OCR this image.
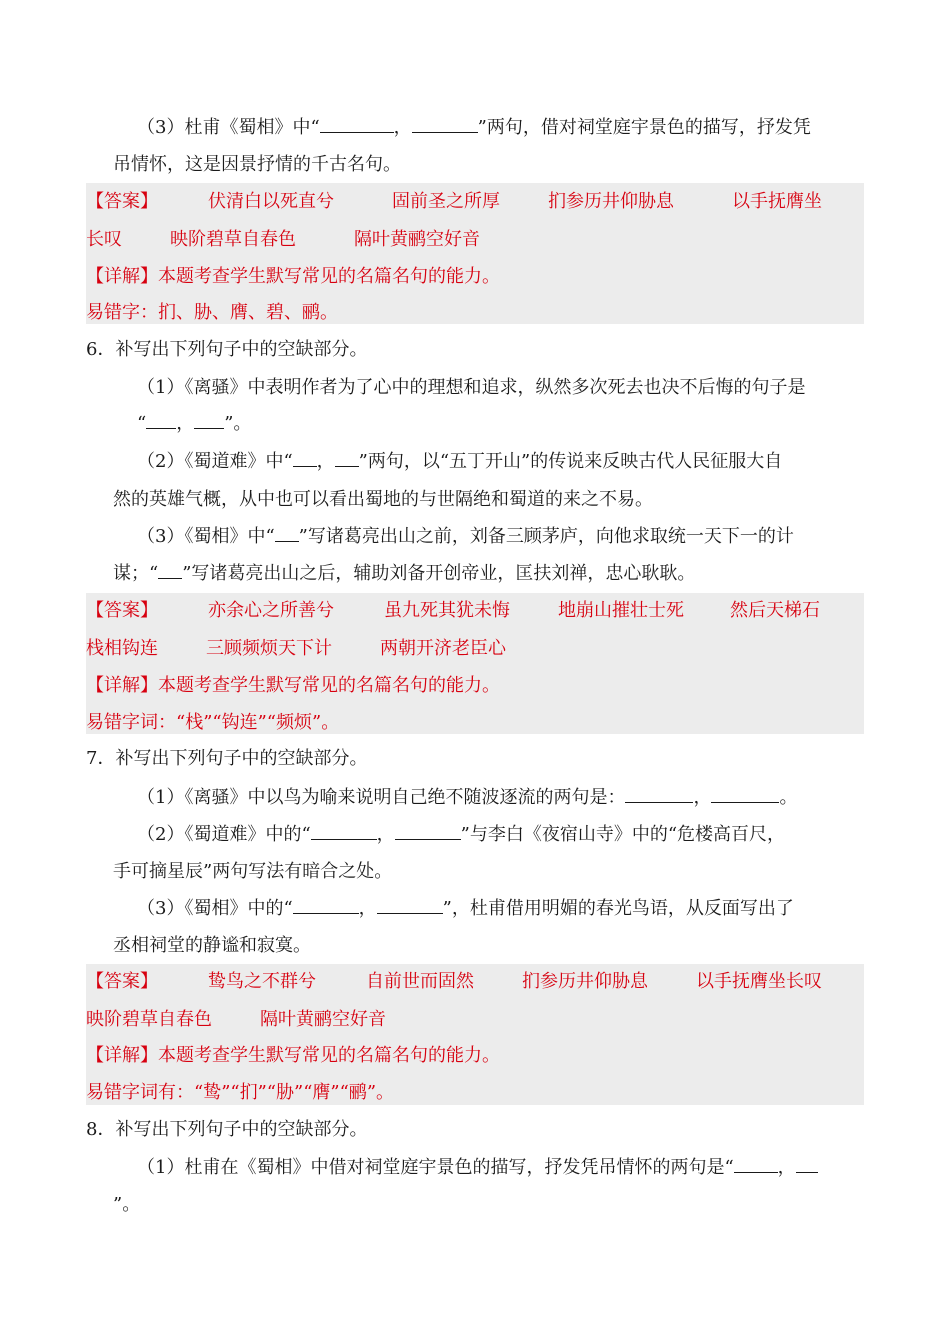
（3）杜甫《蜀相》中“	，	”两句，借对祠堂庭宇景色的描写，抒发凭
吊情怀，这是因景抒情的千古名句。
【答案】	伏清白以死直兮	固前圣之所厚	扪参历井仰胁息	以手抚膺坐
长叹	映阶碧草自春色	隔叶黄鹂空好音
【详解】本题考查学生默写常见的名篇名句的能力。
易错字：扪、胁、膺、碧、鹂。
6．补写出下列句子中的空缺部分。
（1）《离骚》中表明作者为了心中的理想和追求，纵然多次死去也决不后悔的句子是
“ ， ”。
（2）《蜀道难》中“ ， ”两句，以“五丁开山”的传说来反映古代人民征服大自
然的英雄气概，从中也可以看出蜀地的与世隔绝和蜀道的来之不易。
（3）《蜀相》中“ ”写诸葛亮出山之前，刘备三顾茅庐，向他求取统一天下一的计
谋；“ ”写诸葛亮出山之后，辅助刘备开创帝业，匡扶刘禅，忠心耿耿。
【答案】	亦余心之所善兮	虽九死其犹未悔	地崩山摧壮士死	然后天梯石
栈相钩连	三顾频烦天下计	两朝开济老臣心
【详解】本题考查学生默写常见的名篇名句的能力。
易错字词：“栈”“钩连”“频烦”。
7．补写出下列句子中的空缺部分。
（1）《离骚》中以鸟为喻来说明自己绝不随波逐流的两句是：	，	。
（2）《蜀道难》中的“	，	”与李白《夜宿山寺》中的“危楼高百尺，
手可摘星辰”两句写法有暗合之处。
（3）《蜀相》中的“	，	”，杜甫借用明媚的春光鸟语，从反面写出了
丞相祠堂的静谧和寂寞。
【答案】	鸷鸟之不群兮	自前世而固然	扪参历井仰胁息	以手抚膺坐长叹
映阶碧草自春色	隔叶黄鹂空好音
【详解】本题考查学生默写常见的名篇名句的能力。
易错字词有：“鸷”“扪”“胁”“膺”“鹂”。
8．补写出下列句子中的空缺部分。
（1）杜甫在《蜀相》中借对祠堂庭宇景色的描写，抒发凭吊情怀的两句是“ ，
”。
